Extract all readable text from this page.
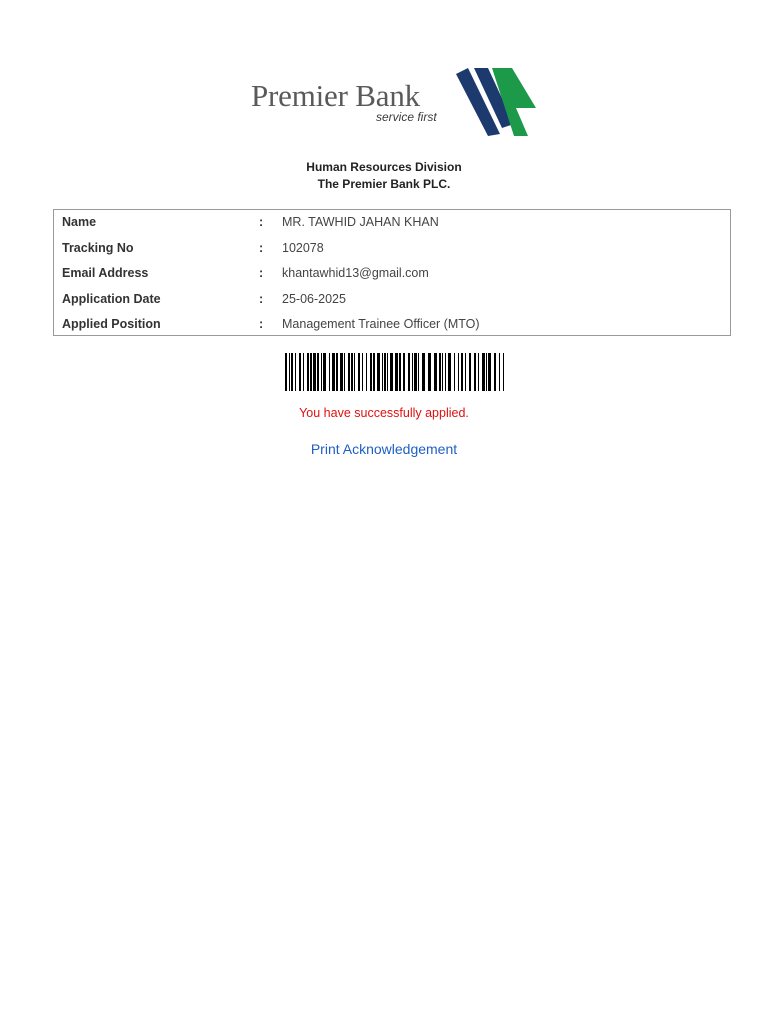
Premier Bank
service first
Human Resources Division
The Premier Bank PLC.
Name	: MR. TAWHID JAHAN KHAN
Tracking No	: 102078
Email Address	: khantawhid13@gmail.com
Application Date	: 25-06-2025
Applied Position	: Management Trainee Officer (MTO)
You have successfully applied.
Print Acknowledgement
